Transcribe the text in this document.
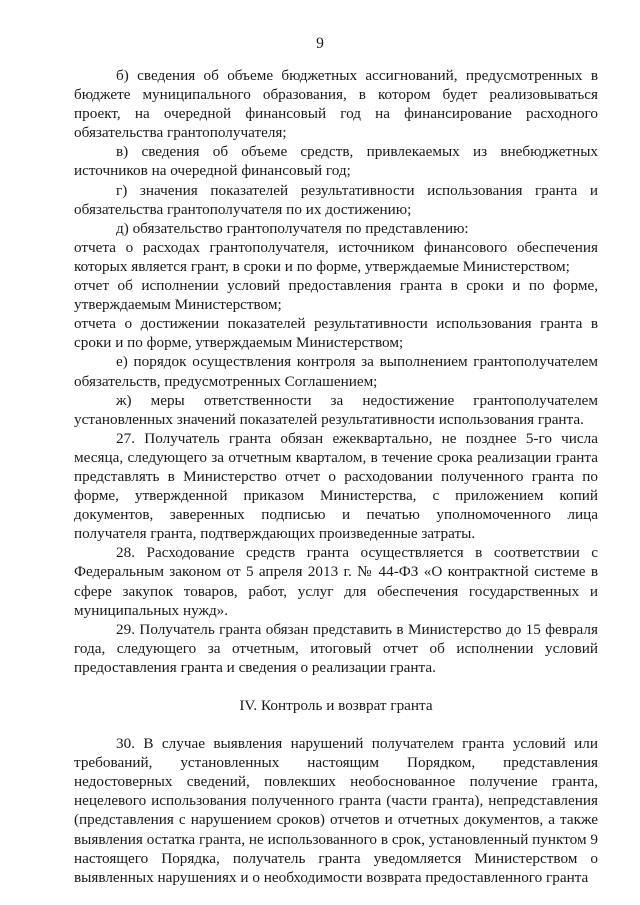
9

б) сведения об объеме бюджетных ассигнований, предусмотренных в бюджете муниципального образования, в котором будет реализовываться проект, на очередной финансовый год на финансирование расходного обязательства грантополучателя;

в) сведения об объеме средств, привлекаемых из внебюджетных источников на очередной финансовый год;

г) значения показателей результативности использования гранта и обязательства грантополучателя по их достижению;

д) обязательство грантополучателя по представлению:

отчета о расходах грантополучателя, источником финансового обеспечения которых является грант, в сроки и по форме, утверждаемые Министерством;

отчет об исполнении условий предоставления гранта в сроки и по форме, утверждаемым Министерством;

отчета о достижении показателей результативности использования гранта в сроки и по форме, утверждаемым Министерством;

е) порядок осуществления контроля за выполнением грантополучателем обязательств, предусмотренных Соглашением;

ж) меры ответственности за недостижение грантополучателем установленных значений показателей результативности использования гранта.

27. Получатель гранта обязан ежеквартально, не позднее 5-го числа месяца, следующего за отчетным кварталом, в течение срока реализации гранта представлять в Министерство отчет о расходовании полученного гранта по форме, утвержденной приказом Министерства, с приложением копий документов, заверенных подписью и печатью уполномоченного лица получателя гранта, подтверждающих произведенные затраты.

28. Расходование средств гранта осуществляется в соответствии с Федеральным законом от 5 апреля 2013 г. № 44-ФЗ «О контрактной системе в сфере закупок товаров, работ, услуг для обеспечения государственных и муниципальных нужд».

29. Получатель гранта обязан представить в Министерство до 15 февраля года, следующего за отчетным, итоговый отчет об исполнении условий предоставления гранта и сведения о реализации гранта.

IV. Контроль и возврат гранта

30. В случае выявления нарушений получателем гранта условий или требований, установленных настоящим Порядком, представления недостоверных сведений, повлекших необоснованное получение гранта, нецелевого использования полученного гранта (части гранта), непредставления (представления с нарушением сроков) отчетов и отчетных документов, а также выявления остатка гранта, не использованного в срок, установленный пунктом 9 настоящего Порядка, получатель гранта уведомляется Министерством о выявленных нарушениях и о необходимости возврата предоставленного гранта
